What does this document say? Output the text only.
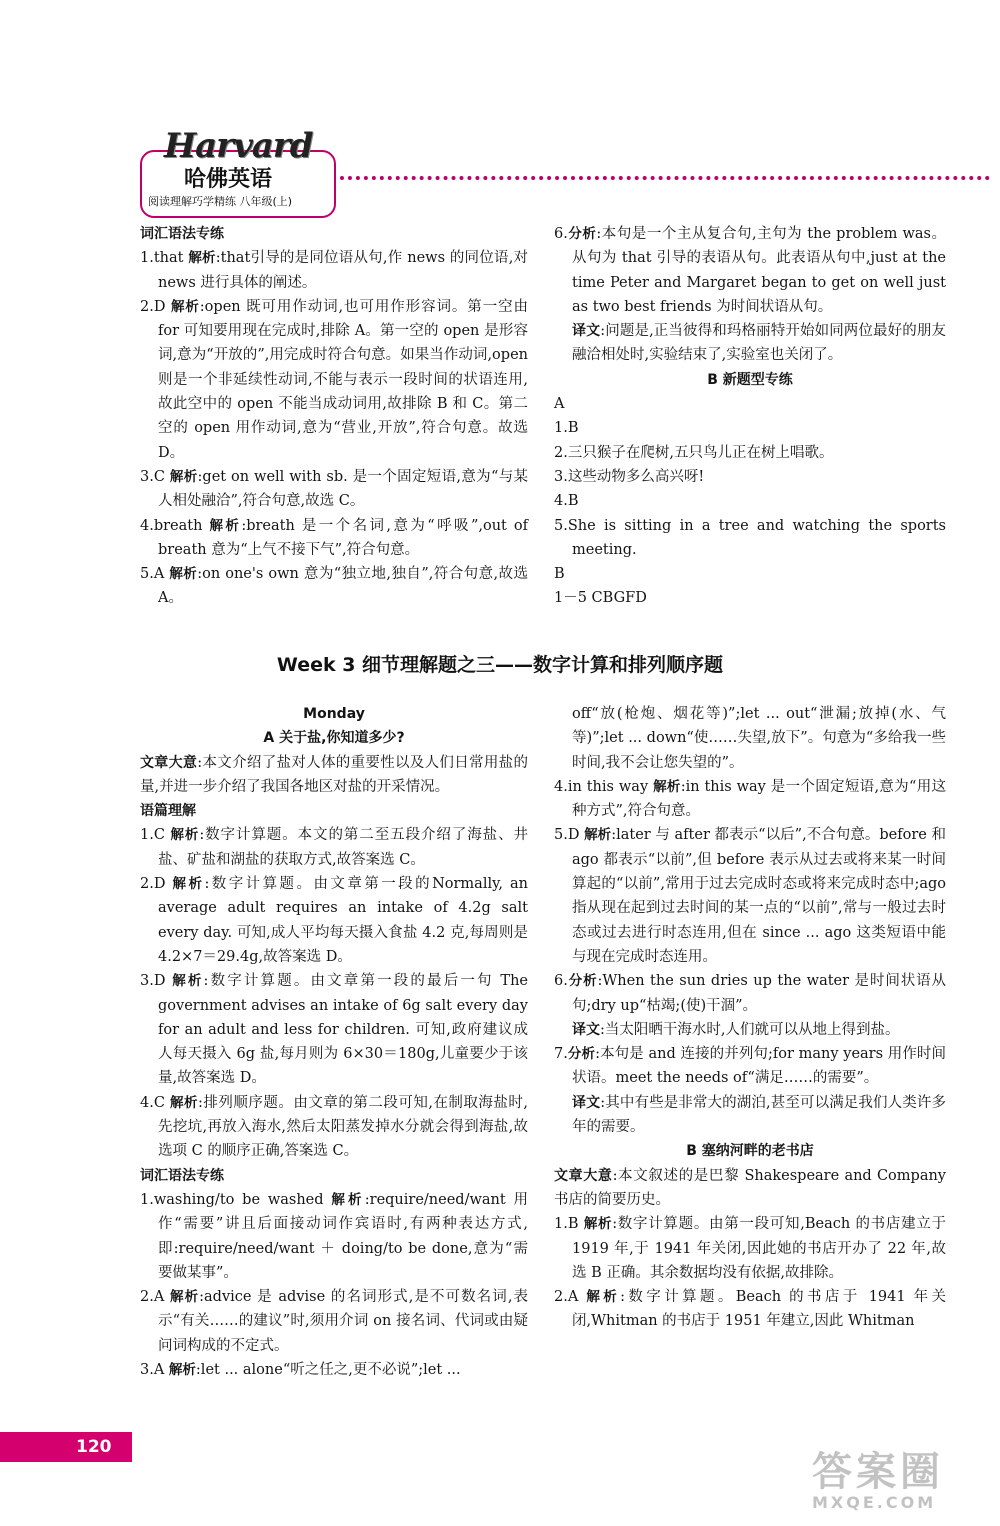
Harvard
哈佛英语
阅读理解巧学精练 八年级(上)

词汇语法专练

1.that 解析:that引导的是同位语从句,作 news 的同位语,对 news 进行具体的阐述。

2.D 解析:open 既可用作动词,也可用作形容词。第一空由 for 可知要用现在完成时,排除 A。第一空的 open 是形容词,意为“开放的”,用完成时符合句意。如果当作动词,open 则是一个非延续性动词,不能与表示一段时间的状语连用,故此空中的 open 不能当成动词用,故排除 B 和 C。第二空的 open 用作动词,意为“营业,开放”,符合句意。故选 D。

3.C 解析:get on well with sb. 是一个固定短语,意为“与某人相处融洽”,符合句意,故选 C。

4.breath 解析:breath 是一个名词,意为“呼吸”,out of breath 意为“上气不接下气”,符合句意。

5.A 解析:on one's own 意为“独立地,独自”,符合句意,故选 A。

6.分析:本句是一个主从复合句,主句为 the problem was。从句为 that 引导的表语从句。此表语从句中,just at the time Peter and Margaret began to get on well just as two best friends 为时间状语从句。

译文:问题是,正当彼得和玛格丽特开始如同两位最好的朋友融洽相处时,实验结束了,实验室也关闭了。

B 新题型专练

A

1.B

2.三只猴子在爬树,五只鸟儿正在树上唱歌。

3.这些动物多么高兴呀!

4.B

5.She is sitting in a tree and watching the sports meeting.

B

1－5 CBGFD

Week 3 细节理解题之三——数字计算和排列顺序题

Monday

A 关于盐,你知道多少?

文章大意:本文介绍了盐对人体的重要性以及人们日常用盐的量,并进一步介绍了我国各地区对盐的开采情况。

语篇理解

1.C 解析:数字计算题。本文的第二至五段介绍了海盐、井盐、矿盐和湖盐的获取方式,故答案选 C。

2.D 解析:数字计算题。由文章第一段的Normally, an average adult requires an intake of 4.2g salt every day. 可知,成人平均每天摄入食盐 4.2 克,每周则是 4.2×7＝29.4g,故答案选 D。

3.D 解析:数字计算题。由文章第一段的最后一句 The government advises an intake of 6g salt every day for an adult and less for children. 可知,政府建议成人每天摄入 6g 盐,每月则为 6×30＝180g,儿童要少于该量,故答案选 D。

4.C 解析:排列顺序题。由文章的第二段可知,在制取海盐时,先挖坑,再放入海水,然后太阳蒸发掉水分就会得到海盐,故选项 C 的顺序正确,答案选 C。

词汇语法专练

1.washing/to be washed 解析:require/need/want 用作“需要”讲且后面接动词作宾语时,有两种表达方式,即:require/need/want ＋ doing/to be done,意为“需要做某事”。

2.A 解析:advice 是 advise 的名词形式,是不可数名词,表示“有关……的建议”时,须用介词 on 接名词、代词或由疑问词构成的不定式。

3.A 解析:let ... alone“听之任之,更不必说”;let ...

off“放(枪炮、烟花等)”;let ... out“泄漏;放掉(水、气等)”;let ... down“使……失望,放下”。句意为“多给我一些时间,我不会让您失望的”。

4.in this way 解析:in this way 是一个固定短语,意为“用这种方式”,符合句意。

5.D 解析:later 与 after 都表示“以后”,不合句意。before 和 ago 都表示“以前”,但 before 表示从过去或将来某一时间算起的“以前”,常用于过去完成时态或将来完成时态中;ago 指从现在起到过去时间的某一点的“以前”,常与一般过去时态或过去进行时态连用,但在 since ... ago 这类短语中能与现在完成时态连用。

6.分析:When the sun dries up the water 是时间状语从句;dry up“枯竭;(使)干涸”。

译文:当太阳晒干海水时,人们就可以从地上得到盐。

7.分析:本句是 and 连接的并列句;for many years 用作时间状语。meet the needs of“满足……的需要”。

译文:其中有些是非常大的湖泊,甚至可以满足我们人类许多年的需要。

B 塞纳河畔的老书店

文章大意:本文叙述的是巴黎 Shakespeare and Company书店的简要历史。

1.B 解析:数字计算题。由第一段可知,Beach 的书店建立于 1919 年,于 1941 年关闭,因此她的书店开办了 22 年,故选 B 正确。其余数据均没有依据,故排除。

2.A 解析:数字计算题。Beach 的书店于 1941 年关闭,Whitman 的书店于 1951 年建立,因此 Whitman

120
答案圈
MXQE.COM
